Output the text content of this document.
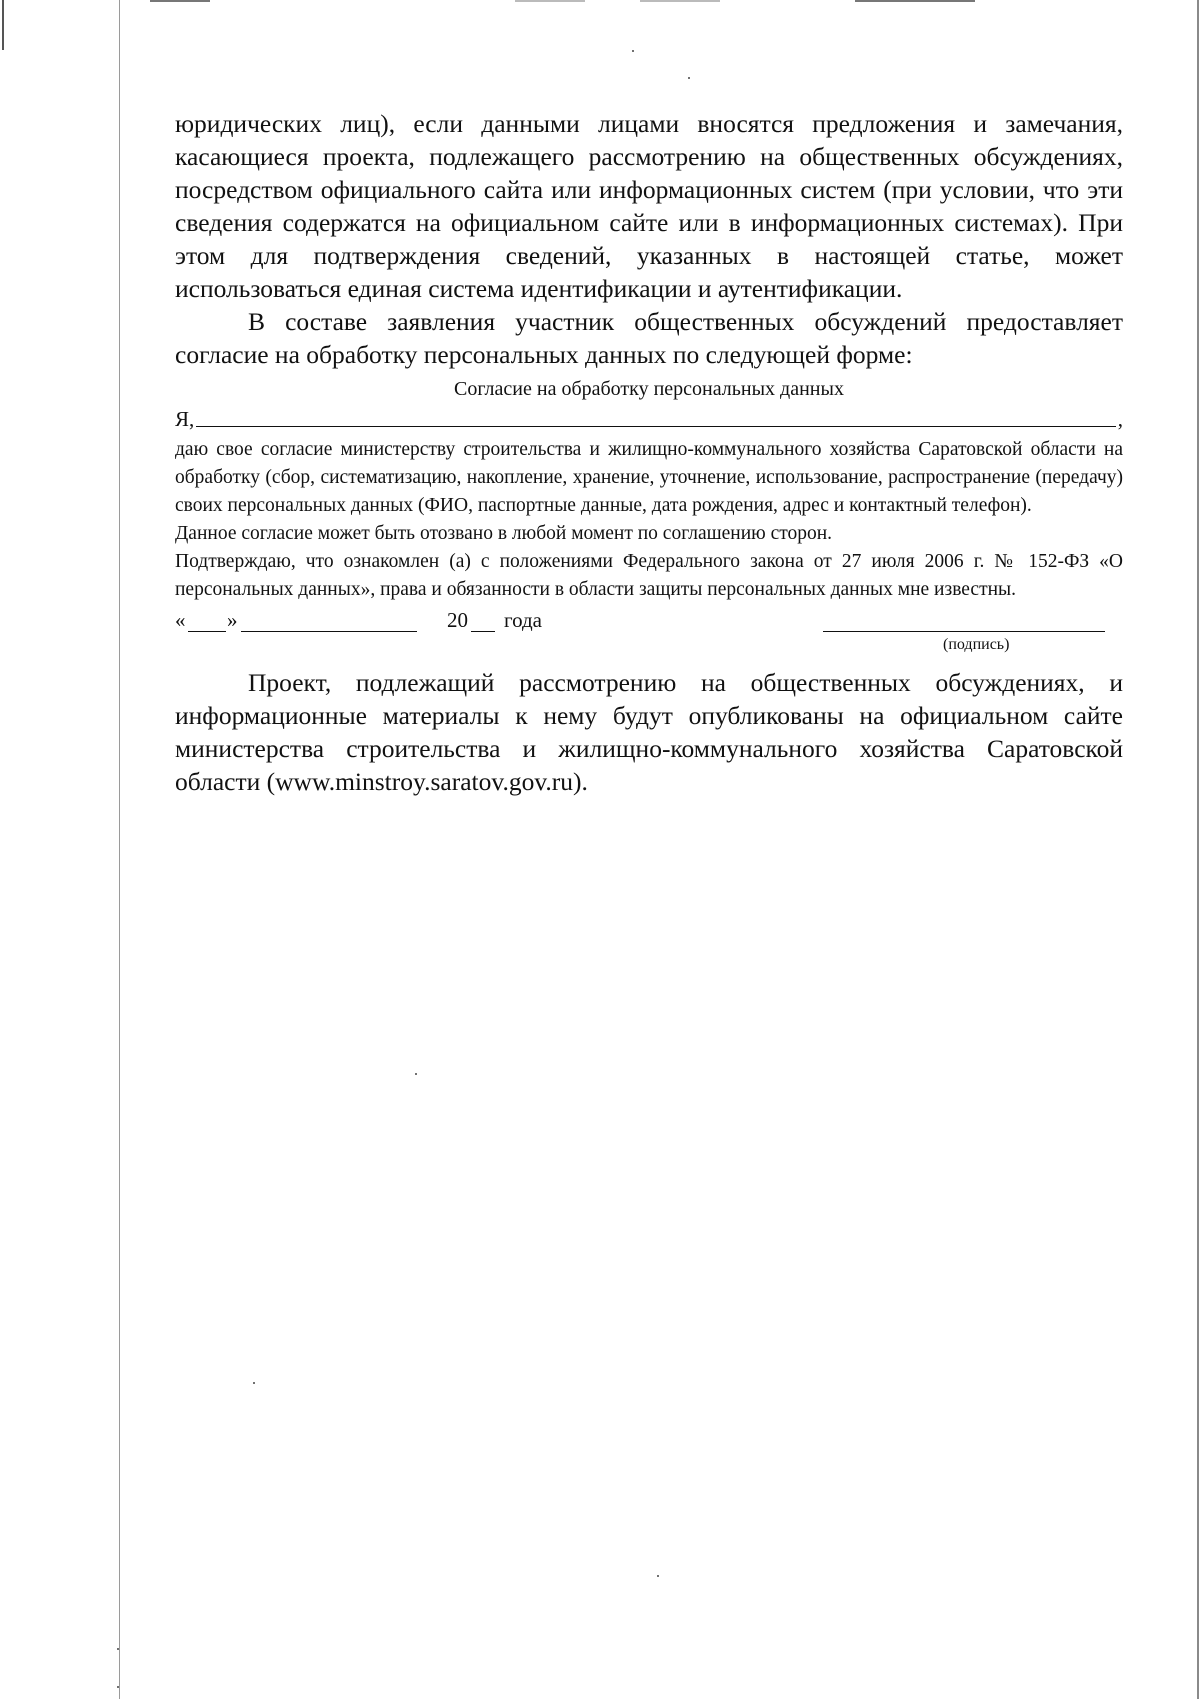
юридических лиц), если данными лицами вносятся предложения и замечания, касающиеся проекта, подлежащего рассмотрению на общественных обсуждениях, посредством официального сайта или информационных систем (при условии, что эти сведения содержатся на официальном сайте или в информационных системах). При этом для подтверждения сведений, указанных в настоящей статье, может использоваться единая система идентификации и аутентификации.

В составе заявления участник общественных обсуждений предоставляет согласие на обработку персональных данных по следующей форме:

Согласие на обработку персональных данных
Я,	,

даю свое согласие министерству строительства и жилищно-коммунального хозяйства Саратовской области на обработку (сбор, систематизацию, накопление, хранение, уточнение, использование, распространение (передачу) своих персональных данных (ФИО, паспортные данные, дата рождения, адрес и контактный телефон).

Данное согласие может быть отозвано в любой момент по соглашению сторон.

Подтверждаю, что ознакомлен (а) с положениями Федерального закона от 27 июля 2006 г. № 152-ФЗ «О персональных данных», права и обязанности в области защиты персональных данных мне известны.

« »	20 года
(подпись)

Проект, подлежащий рассмотрению на общественных обсуждениях, и информационные материалы к нему будут опубликованы на официальном сайте министерства строительства и жилищно-коммунального хозяйства Саратовской области (www.minstroy.saratov.gov.ru).
